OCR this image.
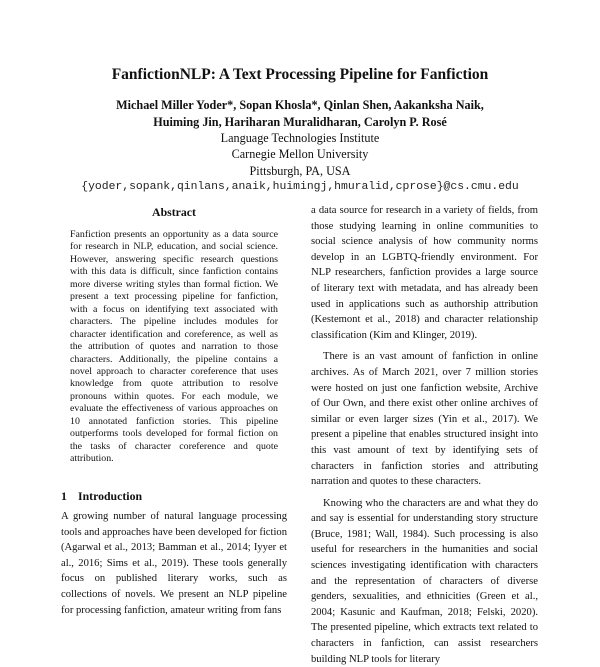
FanfictionNLP: A Text Processing Pipeline for Fanfiction
Michael Miller Yoder*, Sopan Khosla*, Qinlan Shen, Aakanksha Naik,
Huiming Jin, Hariharan Muralidharan, Carolyn P. Rosé
Language Technologies Institute
Carnegie Mellon University
Pittsburgh, PA, USA
{yoder,sopank,qinlans,anaik,huimingj,hmuralid,cprose}@cs.cmu.edu
Abstract
Fanfiction presents an opportunity as a data source for research in NLP, education, and social science. However, answering specific research questions with this data is difficult, since fanfiction contains more diverse writing styles than formal fiction. We present a text processing pipeline for fanfiction, with a focus on identifying text associated with characters. The pipeline includes modules for character identification and coreference, as well as the attribution of quotes and narration to those characters. Additionally, the pipeline contains a novel approach to character coreference that uses knowledge from quote attribution to resolve pronouns within quotes. For each module, we evaluate the effectiveness of various approaches on 10 annotated fanfiction stories. This pipeline outperforms tools developed for formal fiction on the tasks of character coreference and quote attribution.
1 Introduction
A growing number of natural language processing tools and approaches have been developed for fiction (Agarwal et al., 2013; Bamman et al., 2014; Iyyer et al., 2016; Sims et al., 2019). These tools generally focus on published literary works, such as collections of novels. We present an NLP pipeline for processing fanfiction, amateur writing from fans

a data source for research in a variety of fields, from those studying learning in online communities to social science analysis of how community norms develop in an LGBTQ-friendly environment. For NLP researchers, fanfiction provides a large source of literary text with metadata, and has already been used in applications such as authorship attribution (Kestemont et al., 2018) and character relationship classification (Kim and Klinger, 2019).

There is an vast amount of fanfiction in online archives. As of March 2021, over 7 million stories were hosted on just one fanfiction website, Archive of Our Own, and there exist other online archives of similar or even larger sizes (Yin et al., 2017). We present a pipeline that enables structured insight into this vast amount of text by identifying sets of characters in fanfiction stories and attributing narration and quotes to these characters.

Knowing who the characters are and what they do and say is essential for understanding story structure (Bruce, 1981; Wall, 1984). Such processing is also useful for researchers in the humanities and social sciences investigating identification with characters and the representation of characters of diverse genders, sexualities, and ethnicities (Green et al., 2004; Kasunic and Kaufman, 2018; Felski, 2020). The presented pipeline, which extracts text related to characters in fanfiction, can assist researchers building NLP tools for literary
